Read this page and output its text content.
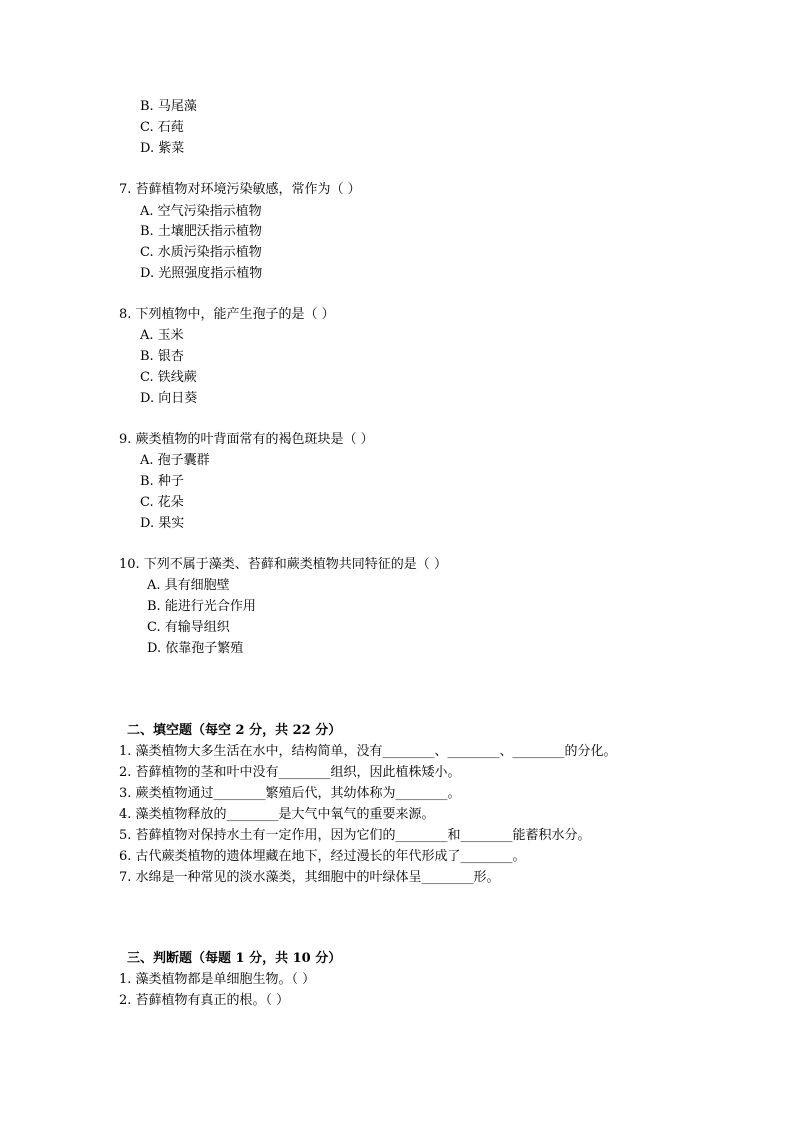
B. 马尾藻
C. 石莼
D. 紫菜
7. 苔藓植物对环境污染敏感，常作为（ ）
A. 空气污染指示植物
B. 土壤肥沃指示植物
C. 水质污染指示植物
D. 光照强度指示植物
8. 下列植物中，能产生孢子的是（ ）
A. 玉米
B. 银杏
C. 铁线蕨
D. 向日葵
9. 蕨类植物的叶背面常有的褐色斑块是（ ）
A. 孢子囊群
B. 种子
C. 花朵
D. 果实
10. 下列不属于藻类、苔藓和蕨类植物共同特征的是（ ）
A. 具有细胞壁
B. 能进行光合作用
C. 有输导组织
D. 依靠孢子繁殖
二、填空题（每空 2 分，共 22 分）
1. 藻类植物大多生活在水中，结构简单，没有________、________、________的分化。
2. 苔藓植物的茎和叶中没有________组织，因此植株矮小。
3. 蕨类植物通过________繁殖后代，其幼体称为________。
4. 藻类植物释放的________是大气中氧气的重要来源。
5. 苔藓植物对保持水土有一定作用，因为它们的________和________能蓄积水分。
6. 古代蕨类植物的遗体埋藏在地下，经过漫长的年代形成了________。
7. 水绵是一种常见的淡水藻类，其细胞中的叶绿体呈________形。
三、判断题（每题 1 分，共 10 分）
1. 藻类植物都是单细胞生物。（ ）
2. 苔藓植物有真正的根。（ ）
